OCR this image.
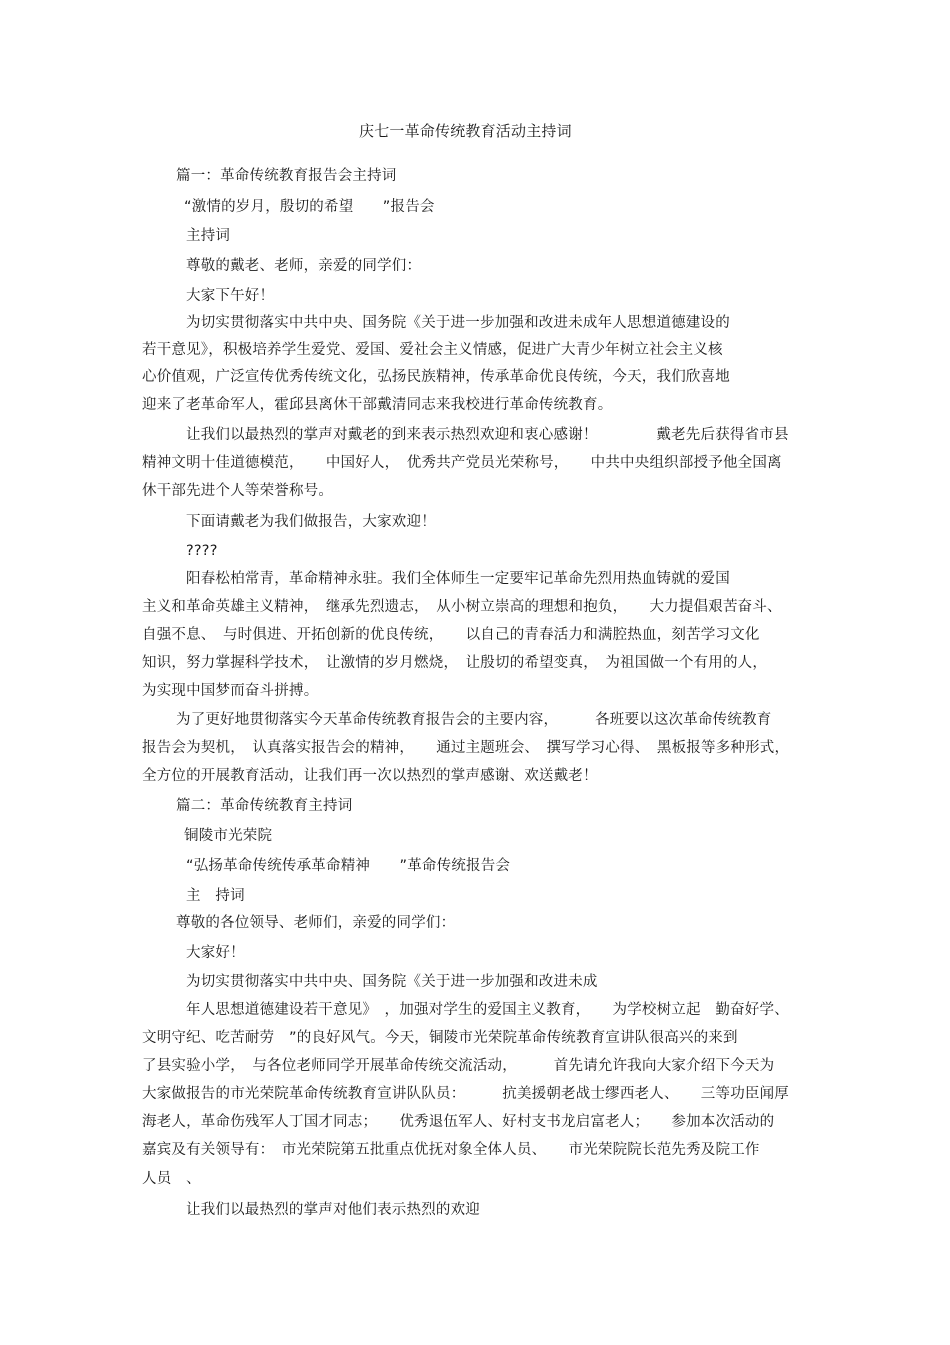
庆七一革命传统教育活动主持词
篇一：革命传统教育报告会主持词
“激情的岁月，殷切的希望　　”报告会
主持词
尊敬的戴老、老师，亲爱的同学们：
大家下午好！
为切实贯彻落实中共中央、国务院《关于进一步加强和改进未成年人思想道德建设的
若干意见》，积极培养学生爱党、爱国、爱社会主义情感，促进广大青少年树立社会主义核
心价值观，广泛宣传优秀传统文化，弘扬民族精神，传承革命优良传统，今天，我们欣喜地
迎来了老革命军人，霍邱县离休干部戴清同志来我校进行革命传统教育。
让我们以最热烈的掌声对戴老的到来表示热烈欢迎和衷心感谢！　　　　戴老先后获得省市县
精神文明十佳道德模范，　　中国好人，　优秀共产党员光荣称号，　　中共中央组织部授予他全国离
休干部先进个人等荣誉称号。
下面请戴老为我们做报告，大家欢迎！
????
阳春松柏常青，革命精神永驻。我们全体师生一定要牢记革命先烈用热血铸就的爱国
主义和革命英雄主义精神，　继承先烈遗志，　从小树立崇高的理想和抱负，　　大力提倡艰苦奋斗、
自强不息、　与时俱进、开拓创新的优良传统，　　以自己的青春活力和满腔热血，刻苦学习文化
知识，努力掌握科学技术，　让激情的岁月燃烧，　让殷切的希望变真，　为祖国做一个有用的人，
为实现中国梦而奋斗拼搏。
为了更好地贯彻落实今天革命传统教育报告会的主要内容，　　　各班要以这次革命传统教育
报告会为契机，　认真落实报告会的精神，　　通过主题班会、　撰写学习心得、　黑板报等多种形式，
全方位的开展教育活动，让我们再一次以热烈的掌声感谢、欢送戴老！
篇二：革命传统教育主持词
铜陵市光荣院
“弘扬革命传统传承革命精神　　”革命传统报告会
主　持词
尊敬的各位领导、老师们，亲爱的同学们：
大家好！
为切实贯彻落实中共中央、国务院《关于进一步加强和改进未成
年人思想道德建设若干意见》　，加强对学生的爱国主义教育，　　为学校树立起　勤奋好学、
文明守纪、吃苦耐劳　”的良好风气。今天，铜陵市光荣院革命传统教育宣讲队很高兴的来到
了县实验小学，　与各位老师同学开展革命传统交流活动，　　　首先请允许我向大家介绍下今天为
大家做报告的市光荣院革命传统教育宣讲队队员：　　　抗美援朝老战士缪西老人、　　三等功臣闻厚
海老人，革命伤残军人丁国才同志；　　优秀退伍军人、好村支书龙启富老人；　　参加本次活动的
嘉宾及有关领导有：　市光荣院第五批重点优抚对象全体人员、　　市光荣院院长范先秀及院工作
人员　、
让我们以最热烈的掌声对他们表示热烈的欢迎
